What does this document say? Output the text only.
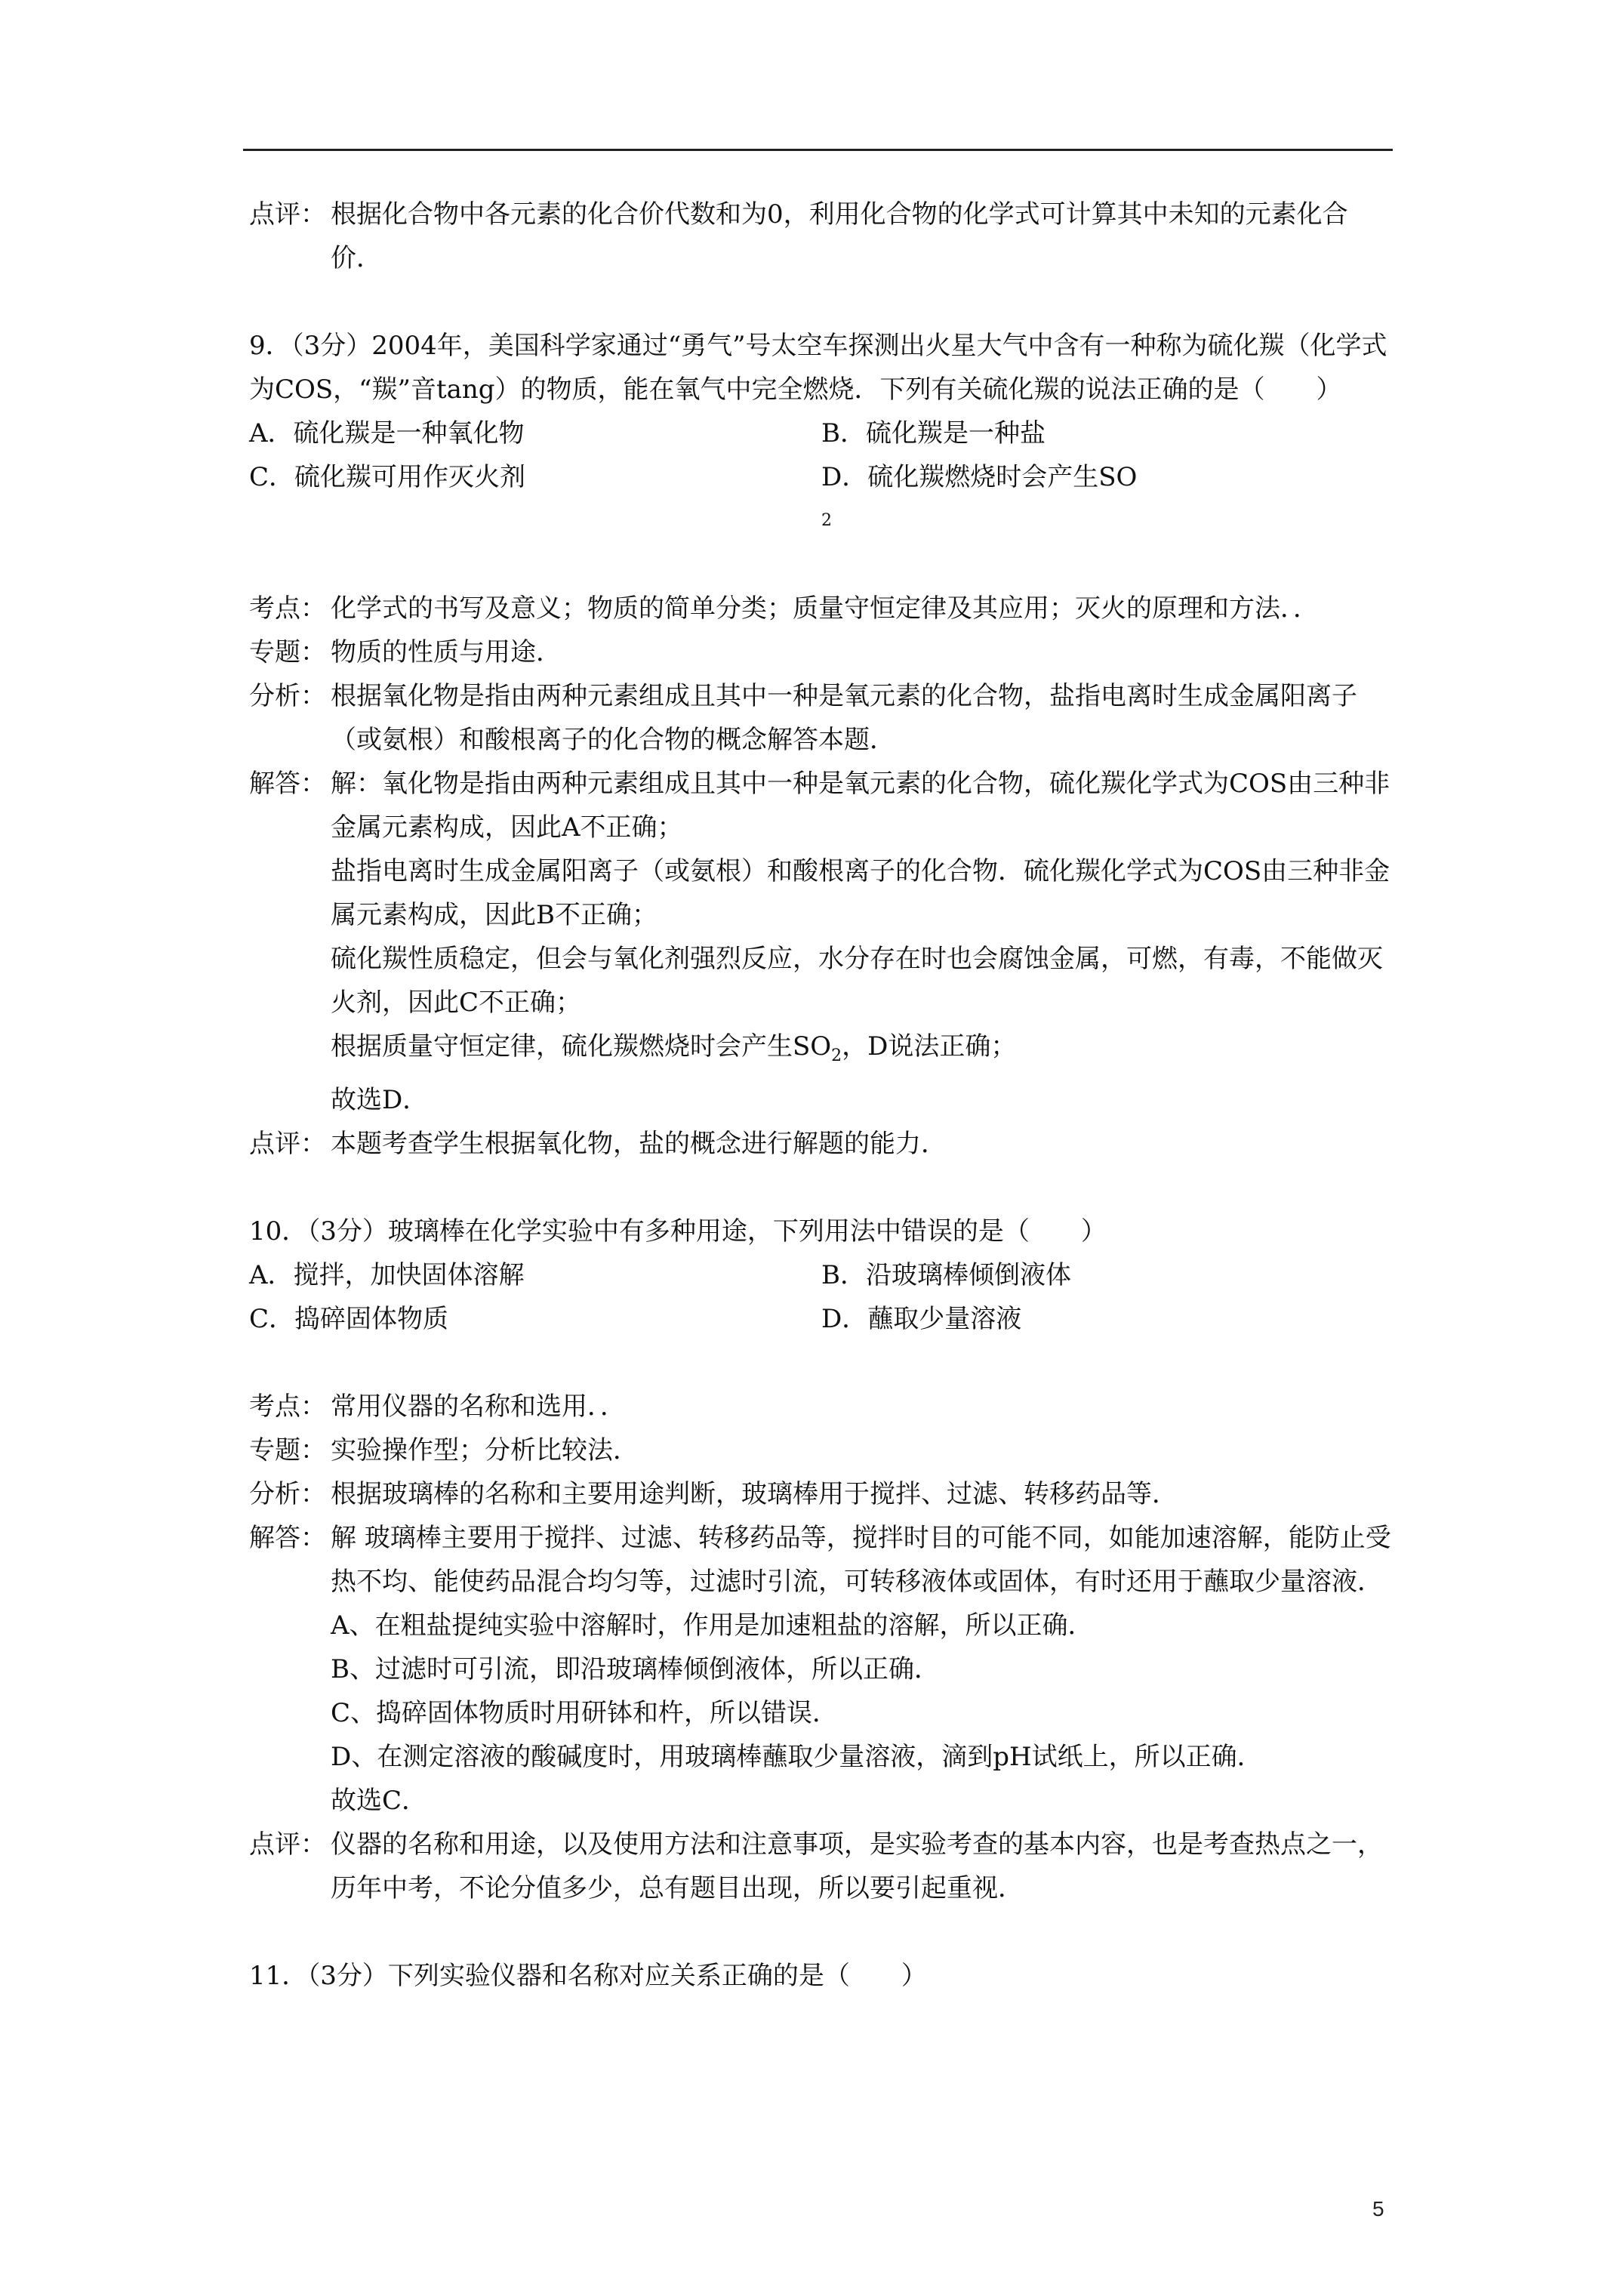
点评： 根据化合物中各元素的化合价代数和为0，利用化合物的化学式可计算其中未知的元素化合价．

9．（3分）2004年，美国科学家通过“勇气”号太空车探测出火星大气中含有一种称为硫化羰（化学式为COS，“羰”音tang）的物质，能在氧气中完全燃烧．下列有关硫化羰的说法正确的是（　　）

A．硫化羰是一种氧化物	B．硫化羰是一种盐
C．硫化羰可用作灭火剂	D．硫化羰燃烧时会产生SO
2
考点： 化学式的书写及意义；物质的简单分类；质量守恒定律及其应用；灭火的原理和方法．．
专题： 物质的性质与用途．
分析： 根据氧化物是指由两种元素组成且其中一种是氧元素的化合物，盐指电离时生成金属阳离子（或氨根）和酸根离子的化合物的概念解答本题．
解答： 解：氧化物是指由两种元素组成且其中一种是氧元素的化合物，硫化羰化学式为COS由三种非金属元素构成，因此A不正确；
盐指电离时生成金属阳离子（或氨根）和酸根离子的化合物．硫化羰化学式为COS由三种非金属元素构成，因此B不正确；
硫化羰性质稳定，但会与氧化剂强烈反应，水分存在时也会腐蚀金属，可燃，有毒，不能做灭火剂，因此C不正确；
根据质量守恒定律，硫化羰燃烧时会产生$SO_2$，D说法正确；
故选D．
点评： 本题考查学生根据氧化物，盐的概念进行解题的能力．

10．（3分）玻璃棒在化学实验中有多种用途，下列用法中错误的是（　　）

A．搅拌，加快固体溶解	B．沿玻璃棒倾倒液体
C．捣碎固体物质	D．蘸取少量溶液
考点： 常用仪器的名称和选用．．
专题： 实验操作型；分析比较法．
分析： 根据玻璃棒的名称和主要用途判断，玻璃棒用于搅拌、过滤、转移药品等．
解答： 解 玻璃棒主要用于搅拌、过滤、转移药品等，搅拌时目的可能不同，如能加速溶解，能防止受热不均、能使药品混合均匀等，过滤时引流，可转移液体或固体，有时还用于蘸取少量溶液．
A、在粗盐提纯实验中溶解时，作用是加速粗盐的溶解，所以正确．
B、过滤时可引流，即沿玻璃棒倾倒液体，所以正确．
C、捣碎固体物质时用研钵和杵，所以错误．
D、在测定溶液的酸碱度时，用玻璃棒蘸取少量溶液，滴到pH试纸上，所以正确．
故选C．
点评： 仪器的名称和用途，以及使用方法和注意事项，是实验考查的基本内容，也是考查热点之一，历年中考，不论分值多少，总有题目出现，所以要引起重视．

11．（3分）下列实验仪器和名称对应关系正确的是（　　）

5
